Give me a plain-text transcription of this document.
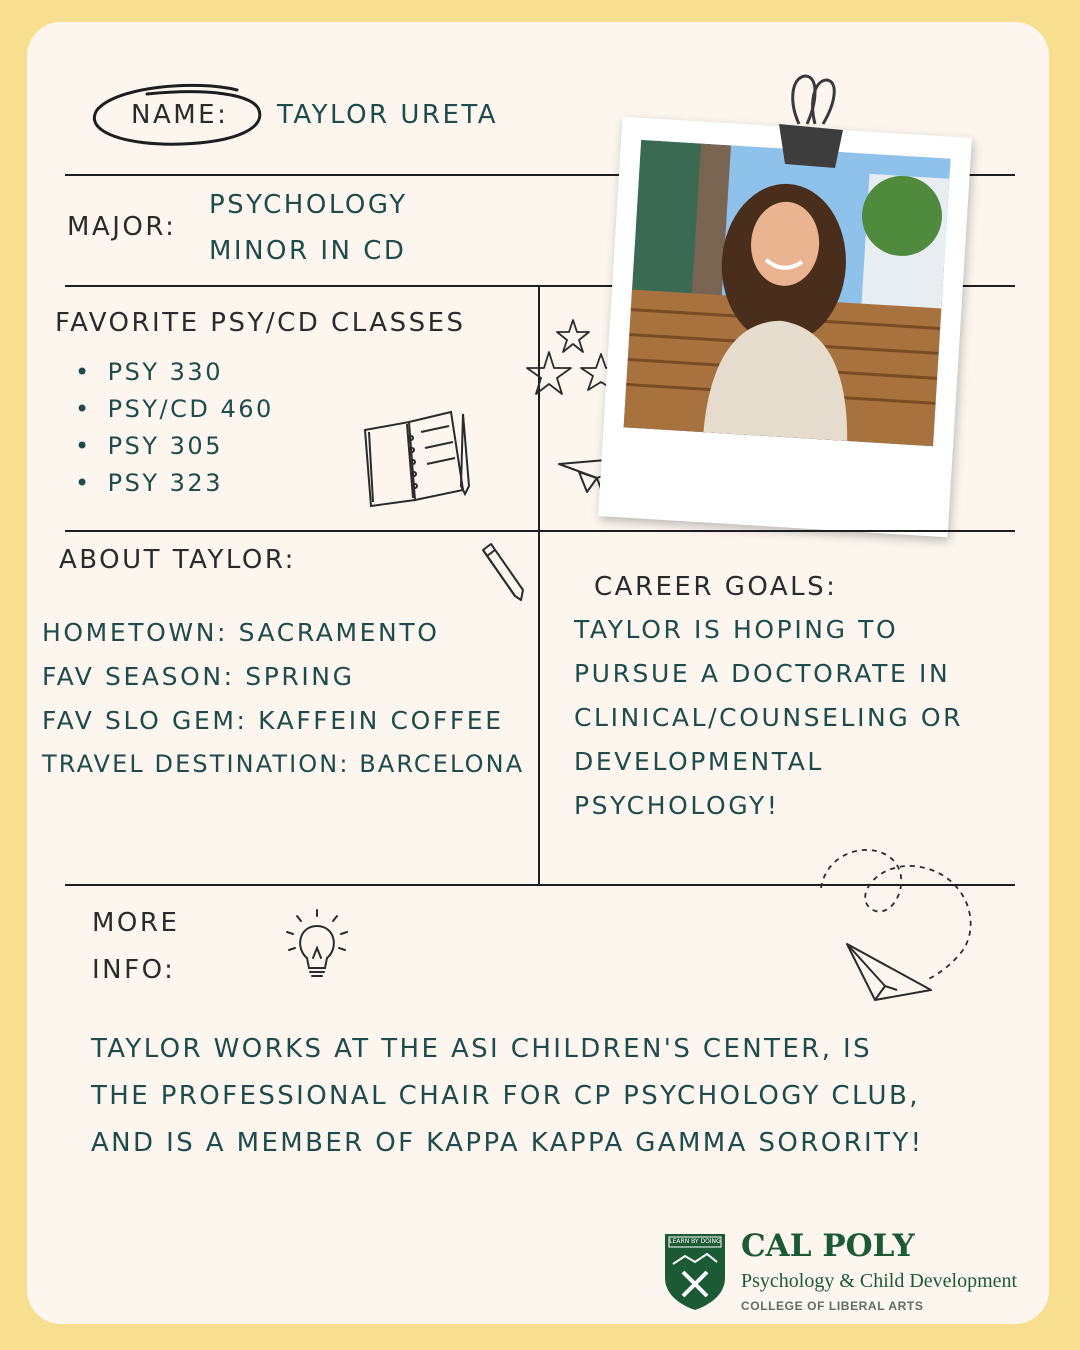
NAME: TAYLOR URETA

MAJOR:

PSYCHOLOGY

MINOR IN CD

FAVORITE PSY/CD CLASSES

• PSY 330
• PSY/CD 460
• PSY 305
• PSY 323

ABOUT TAYLOR:

HOMETOWN: SACRAMENTO

FAV SEASON: SPRING

FAV SLO GEM: KAFFEIN COFFEE

TRAVEL DESTINATION: BARCELONA

CAREER GOALS:

TAYLOR IS HOPING TO

PURSUE A DOCTORATE IN

CLINICAL/COUNSELING OR

DEVELOPMENTAL

PSYCHOLOGY!

MORE

INFO:

TAYLOR WORKS AT THE ASI CHILDREN'S CENTER, IS

THE PROFESSIONAL CHAIR FOR CP PSYCHOLOGY CLUB,

AND IS A MEMBER OF KAPPA KAPPA GAMMA SORORITY!

LEARN BY DOING CAL POLY
Psychology & Child Development
COLLEGE OF LIBERAL ARTS
